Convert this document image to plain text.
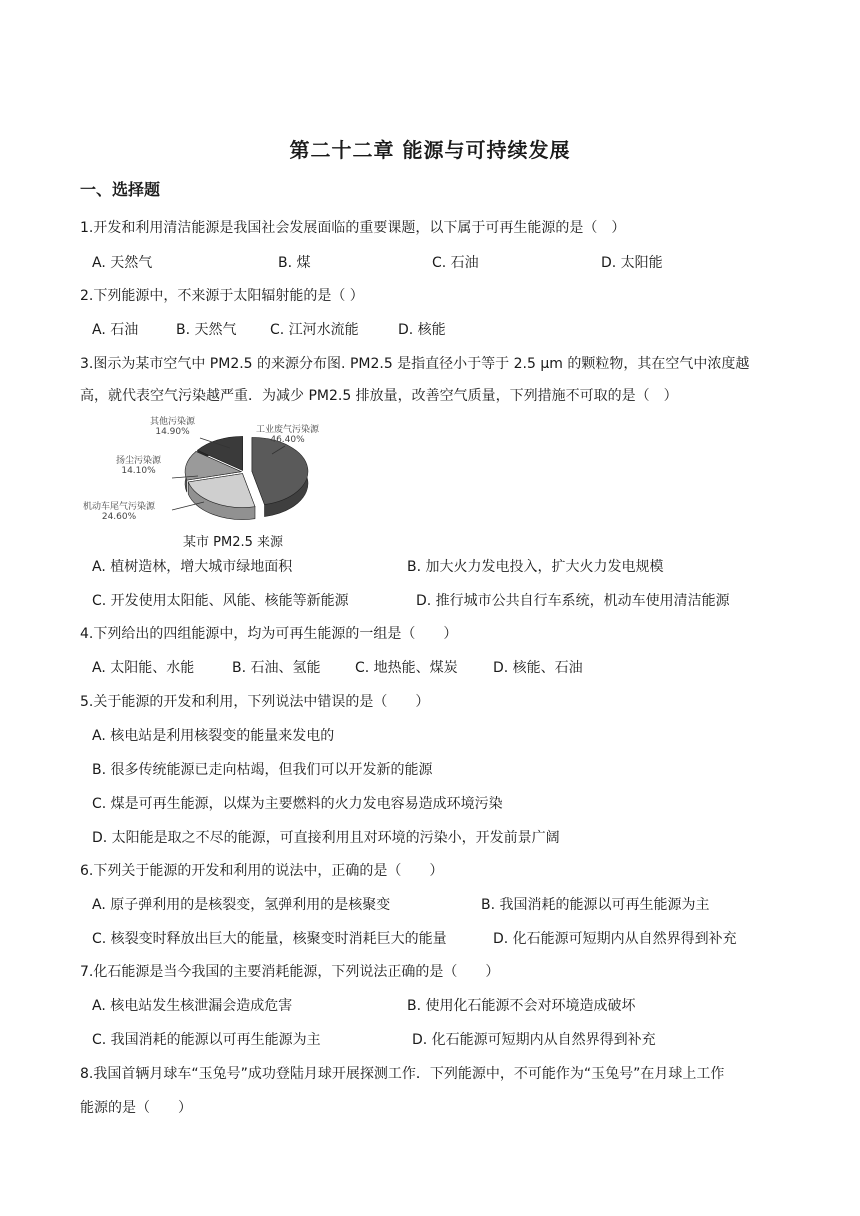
第二十二章 能源与可持续发展
一、选择题
1.开发和利用清洁能源是我国社会发展面临的重要课题，以下属于可再生能源的是（　）
A. 天然气	B. 煤	C. 石油	D. 太阳能
2.下列能源中，不来源于太阳辐射能的是（ ）
A. 石油	B. 天然气 C. 江河水流能	D. 核能
3.图示为某市空气中 PM2.5 的来源分布图. PM2.5 是指直径小于等于 2.5 μm 的颗粒物，其在空气中浓度越
高，就代表空气污染越严重．为减少 PM2.5 排放量，改善空气质量，下列措施不可取的是（　）
其他污染源
14.90%	工业废气污染源
46.40%
扬尘污染源
14.10%
机动车尾气污染源
24.60%
某市 PM2.5 来源
A. 植树造林，增大城市绿地面积	B. 加大火力发电投入，扩大火力发电规模
C. 开发使用太阳能、风能、核能等新能源	D. 推行城市公共自行车系统，机动车使用清洁能源
4.下列给出的四组能源中，均为可再生能源的一组是（　　）
A. 太阳能、水能	B. 石油、氢能 C. 地热能、煤炭	D. 核能、石油
5.关于能源的开发和利用，下列说法中错误的是（　　）
A. 核电站是利用核裂变的能量来发电的
B. 很多传统能源已走向枯竭，但我们可以开发新的能源
C. 煤是可再生能源，以煤为主要燃料的火力发电容易造成环境污染
D. 太阳能是取之不尽的能源，可直接利用且对环境的污染小，开发前景广阔
6.下列关于能源的开发和利用的说法中，正确的是（　　）
A. 原子弹利用的是核裂变，氢弹利用的是核聚变	B. 我国消耗的能源以可再生能源为主
C. 核裂变时释放出巨大的能量，核聚变时消耗巨大的能量	D. 化石能源可短期内从自然界得到补充
7.化石能源是当今我国的主要消耗能源，下列说法正确的是（　　）
A. 核电站发生核泄漏会造成危害	B. 使用化石能源不会对环境造成破坏
C. 我国消耗的能源以可再生能源为主	D. 化石能源可短期内从自然界得到补充
8.我国首辆月球车“玉兔号”成功登陆月球开展探测工作．下列能源中，不可能作为“玉兔号”在月球上工作
能源的是（　　）
